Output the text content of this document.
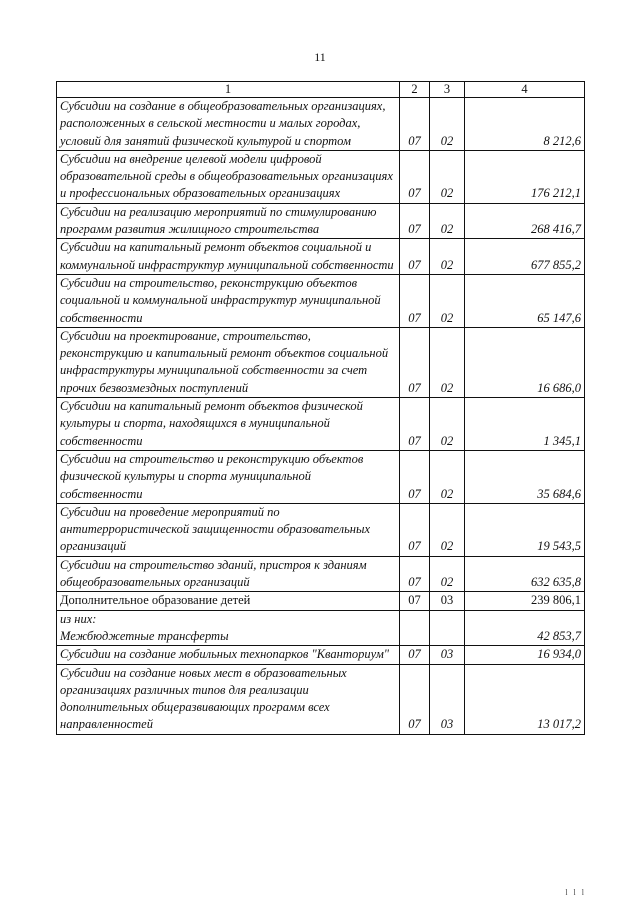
11
1	2	3	4
Субсидии на создание в общеобразовательных организациях, расположенных в сельской местности и малых городах, условий для занятий физической культурой и спортом	07	02	8 212,6
Субсидии на внедрение целевой модели цифровой образовательной среды в общеобразовательных организациях и профессиональных образовательных организациях	07	02	176 212,1
Субсидии на реализацию мероприятий по стимулированию программ развития жилищного строительства	07	02	268 416,7
Субсидии на капитальный ремонт объектов социальной и коммунальной инфраструктур муниципальной собственности	07	02	677 855,2
Субсидии на строительство, реконструкцию объектов социальной и коммунальной инфраструктур муниципальной собственности	07	02	65 147,6
Субсидии на проектирование, строительство, реконструкцию и капитальный ремонт объектов социальной инфраструктуры муниципальной собственности за счет прочих безвозмездных поступлений	07	02	16 686,0
Субсидии на капитальный ремонт объектов физической культуры и спорта, находящихся в муниципальной собственности	07	02	1 345,1
Субсидии на строительство и реконструкцию объектов физической культуры и спорта муниципальной собственности	07	02	35 684,6
Субсидии на проведение мероприятий по антитеррористической защищенности образовательных организаций	07	02	19 543,5
Субсидии на строительство зданий, пристроя к зданиям общеобразовательных организаций	07	02	632 635,8
Дополнительное образование детей	07	03	239 806,1
из них:
Межбюджетные трансферты			42 853,7
Субсидии на создание мобильных технопарков "Кванториум"	07	03	16 934,0
Субсидии на создание новых мест в образовательных организациях различных типов для реализации дополнительных общеразвивающих программ всех направленностей	07	03	13 017,2
l l l
